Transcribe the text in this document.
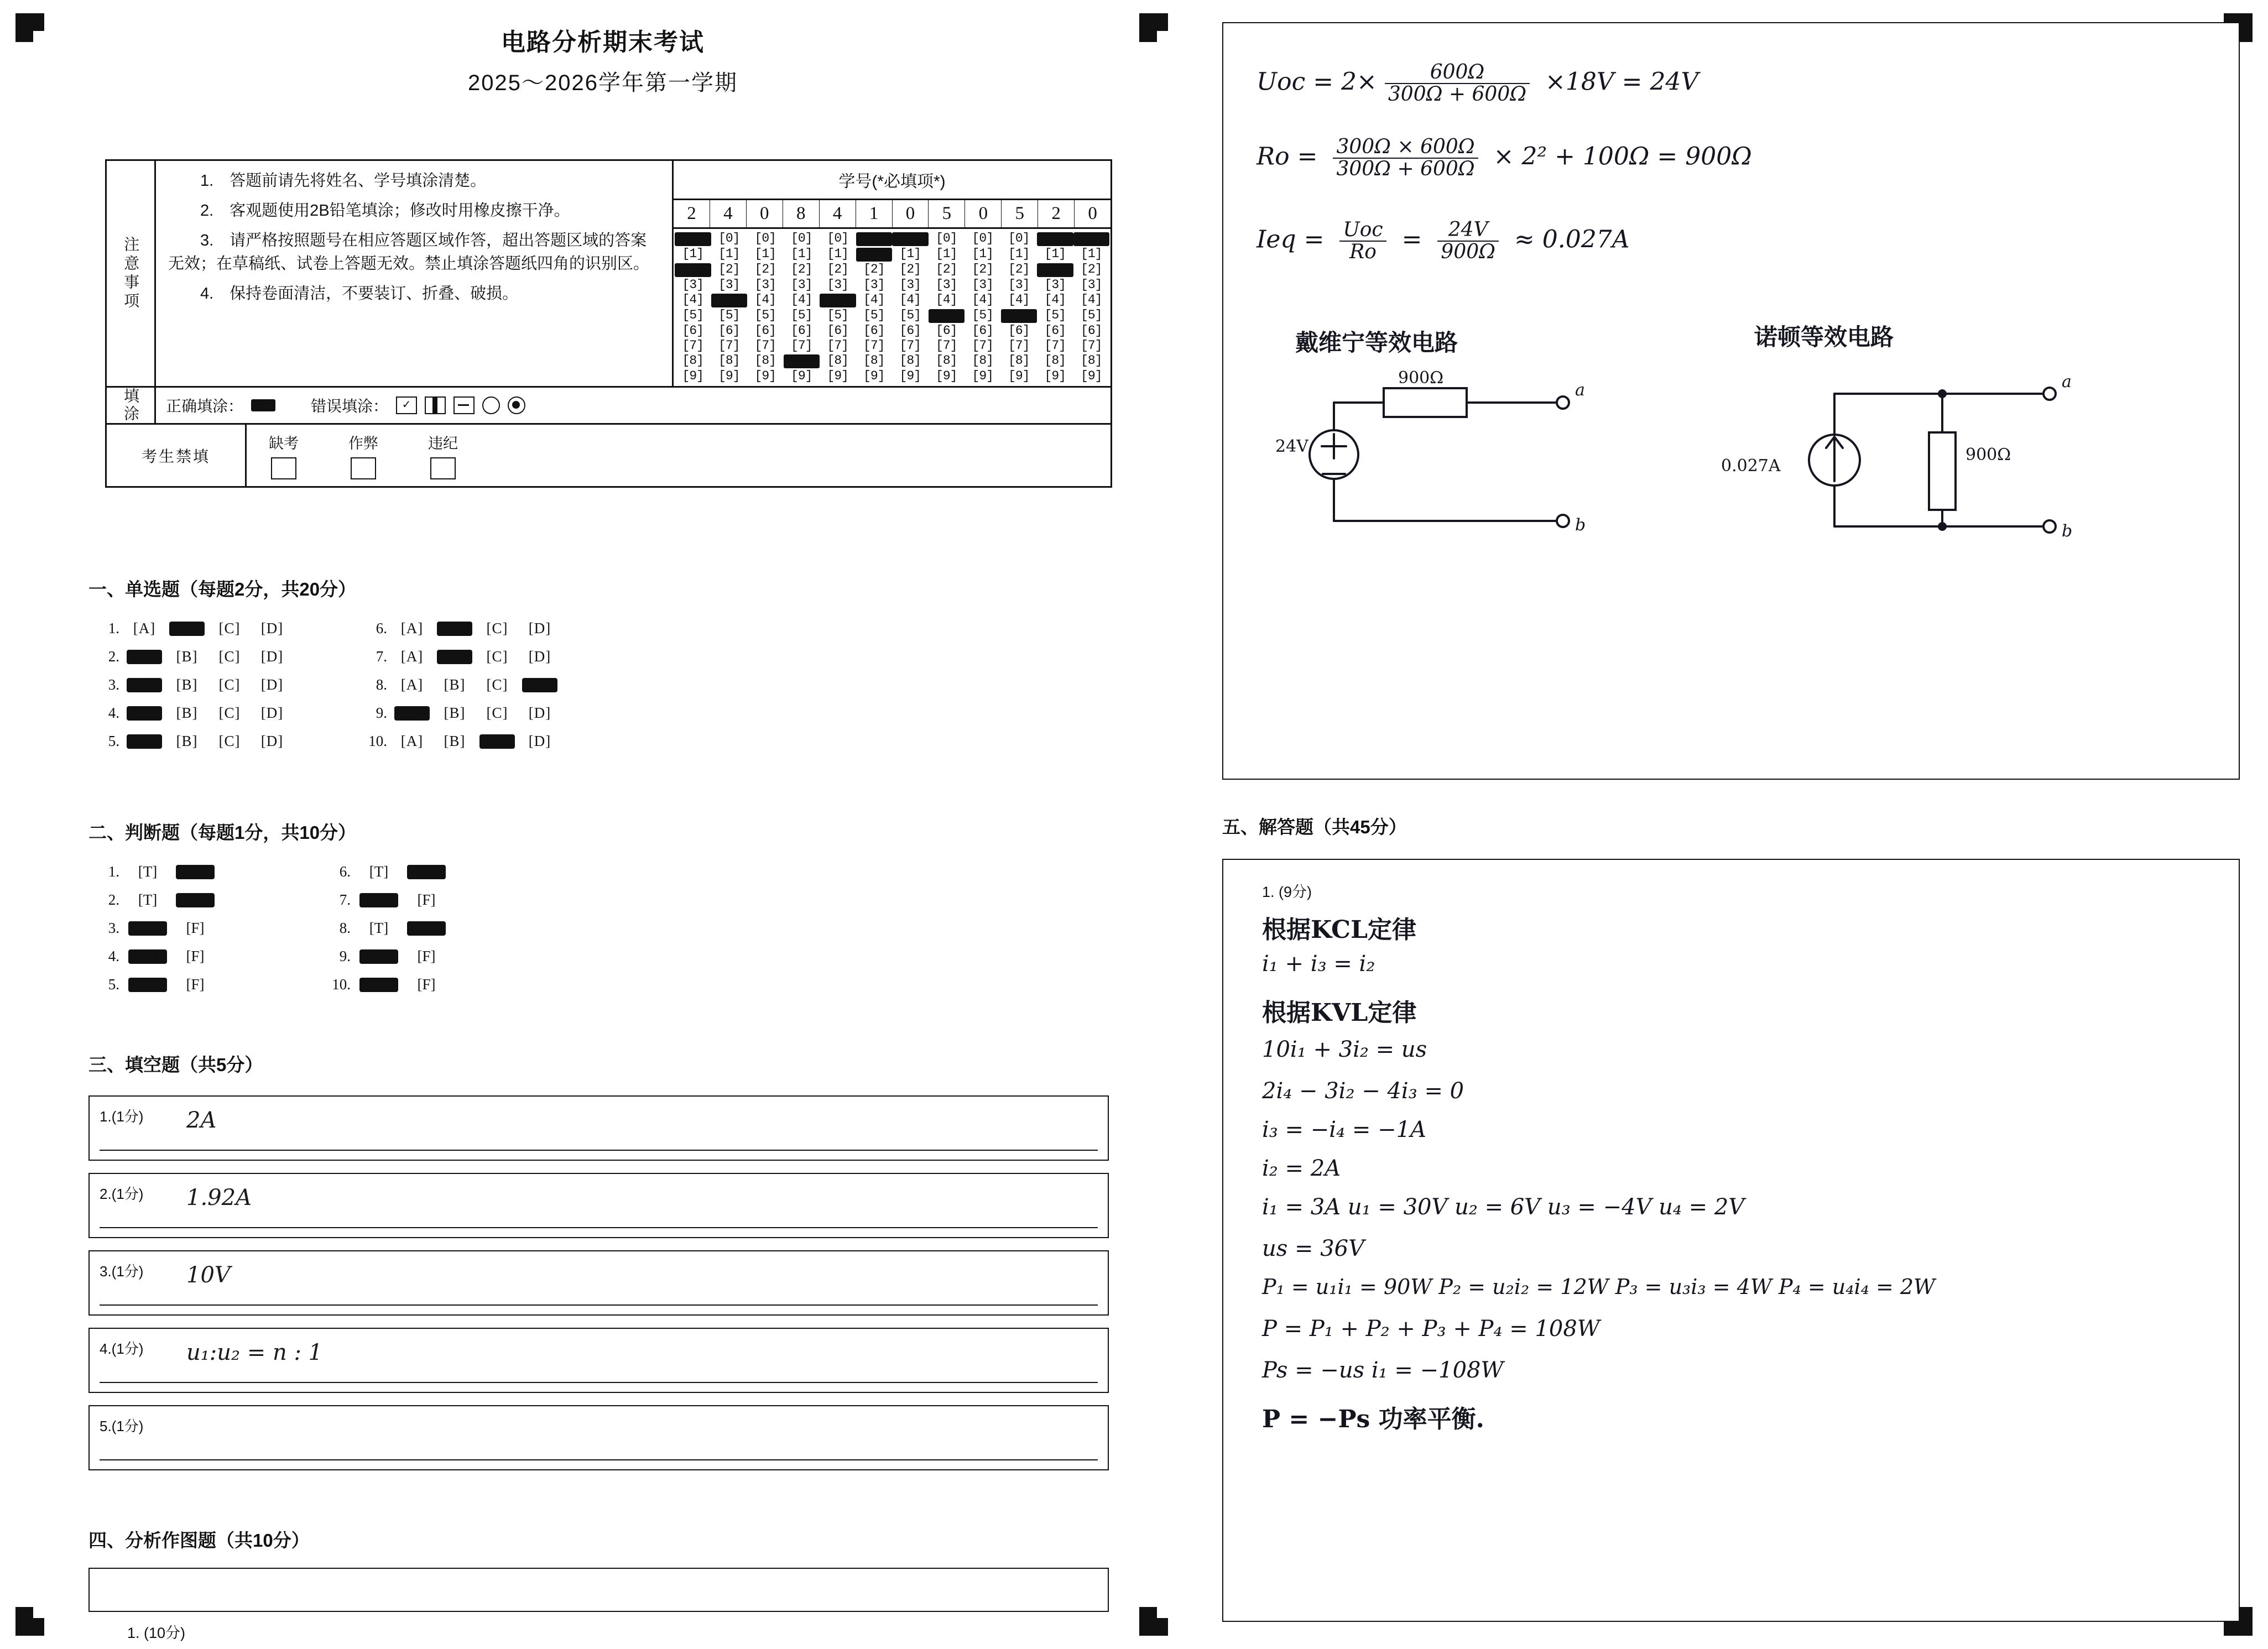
电路分析期末考试
2025～2026学年第一学期
注意事项

1.　答题前请先将姓名、学号填涂清楚。

2.　客观题使用2B铅笔填涂；修改时用橡皮擦干净。

3.　请严格按照题号在相应答题区域作答，超出答题区域的答案无效；在草稿纸、试卷上答题无效。禁止填涂答题纸四角的识别区。

4.　保持卷面清洁，不要装订、折叠、破损。

学号(*必填项*)
2	4	0	8	4	1	0	5	0	5	2	0
[0]	[0]	[0]	[0]	[0]	[0]	[0]	[0]	[0]	[0]	[0]	[0]
[1]	[1]	[1]	[1]	[1]	[1]	[1]	[1]	[1]	[1]	[1]	[1]
[2]	[2]	[2]	[2]	[2]	[2]	[2]	[2]	[2]	[2]	[2]	[2]
[3]	[3]	[3]	[3]	[3]	[3]	[3]	[3]	[3]	[3]	[3]	[3]
[4]	[4]	[4]	[4]	[4]	[4]	[4]	[4]	[4]	[4]	[4]	[4]
[5]	[5]	[5]	[5]	[5]	[5]	[5]	[5]	[5]	[5]	[5]	[5]
[6]	[6]	[6]	[6]	[6]	[6]	[6]	[6]	[6]	[6]	[6]	[6]
[7]	[7]	[7]	[7]	[7]	[7]	[7]	[7]	[7]	[7]	[7]	[7]
[8]	[8]	[8]	[8]	[8]	[8]	[8]	[8]	[8]	[8]	[8]	[8]
[9]	[9]	[9]	[9]	[9]	[9]	[9]	[9]	[9]	[9]	[9]	[9]
填涂 正确填涂：	错误填涂：	✓
考生禁填
缺考	作弊	违纪
一、单选题（每题2分，共20分）
1. [A]	[B]	[C]	[D]
2. [A]	[B]	[C]	[D]
3. [A]	[B]	[C]	[D]
4. [A]	[B]	[C]	[D]
5. [A]	[B]	[C]	[D]
6. [A]	[B]	[C]	[D]
7. [A]	[B]	[C]	[D]
8. [A]	[B]	[C]	[D]
9. [A]	[B]	[C]	[D]
10. [A]	[B]	[C]	[D]
二、判断题（每题1分，共10分）
1.	[T]	[F]
2.	[T]	[F]
3.	[T]	[F]
4.	[T]	[F]
5.	[T]	[F]
6.	[T]	[F]
7.	[T]	[F]
8.	[T]	[F]
9.	[T]	[F]
10.	[T]	[F]
三、填空题（共5分）
1.(1分) 2A
2.(1分) 1.92A
3.(1分) 10V
4.(1分) u₁:u₂ = n : 1
5.(1分)
四、分析作图题（共10分）
1. (10分)
Uoc = $2\times \frac{600\Omega}{300\Omega + 600\Omega} \times 18V = 24V$
$Ro = \frac{300\Omega \times 600\Omega}{300\Omega + 600\Omega} \times 2^2 + 100\Omega = 900\Omega$
Ieq = $\frac{\text{Uoc}}{Ro} = \frac{24V}{900\Omega} \approx 0.027A$
戴维宁等效电路	诺顿等效电路
900Ω
24V
a
b
0.027A
900Ω
a
b
五、解答题（共45分）
1. (9分)
根据KCL定律
i₁ + i₃ = i₂
根据KVL定律
10i₁ + 3i₂ = us
2i₄ − 3i₂ − 4i₃ = 0
i₃ = −i₄ = −1A
i₂ = 2A
i₁ = 3A u₁ = 30V u₂ = 6V u₃ = −4V u₄ = 2V
us = 36V
P₁ = u₁i₁ = 90W P₂ = u₂i₂ = 12W P₃ = u₃i₃ = 4W P₄ = u₄i₄ = 2W
P = P₁ + P₂ + P₃ + P₄ = 108W
Ps = −us i₁ = −108W
P = −Ps 功率平衡.
